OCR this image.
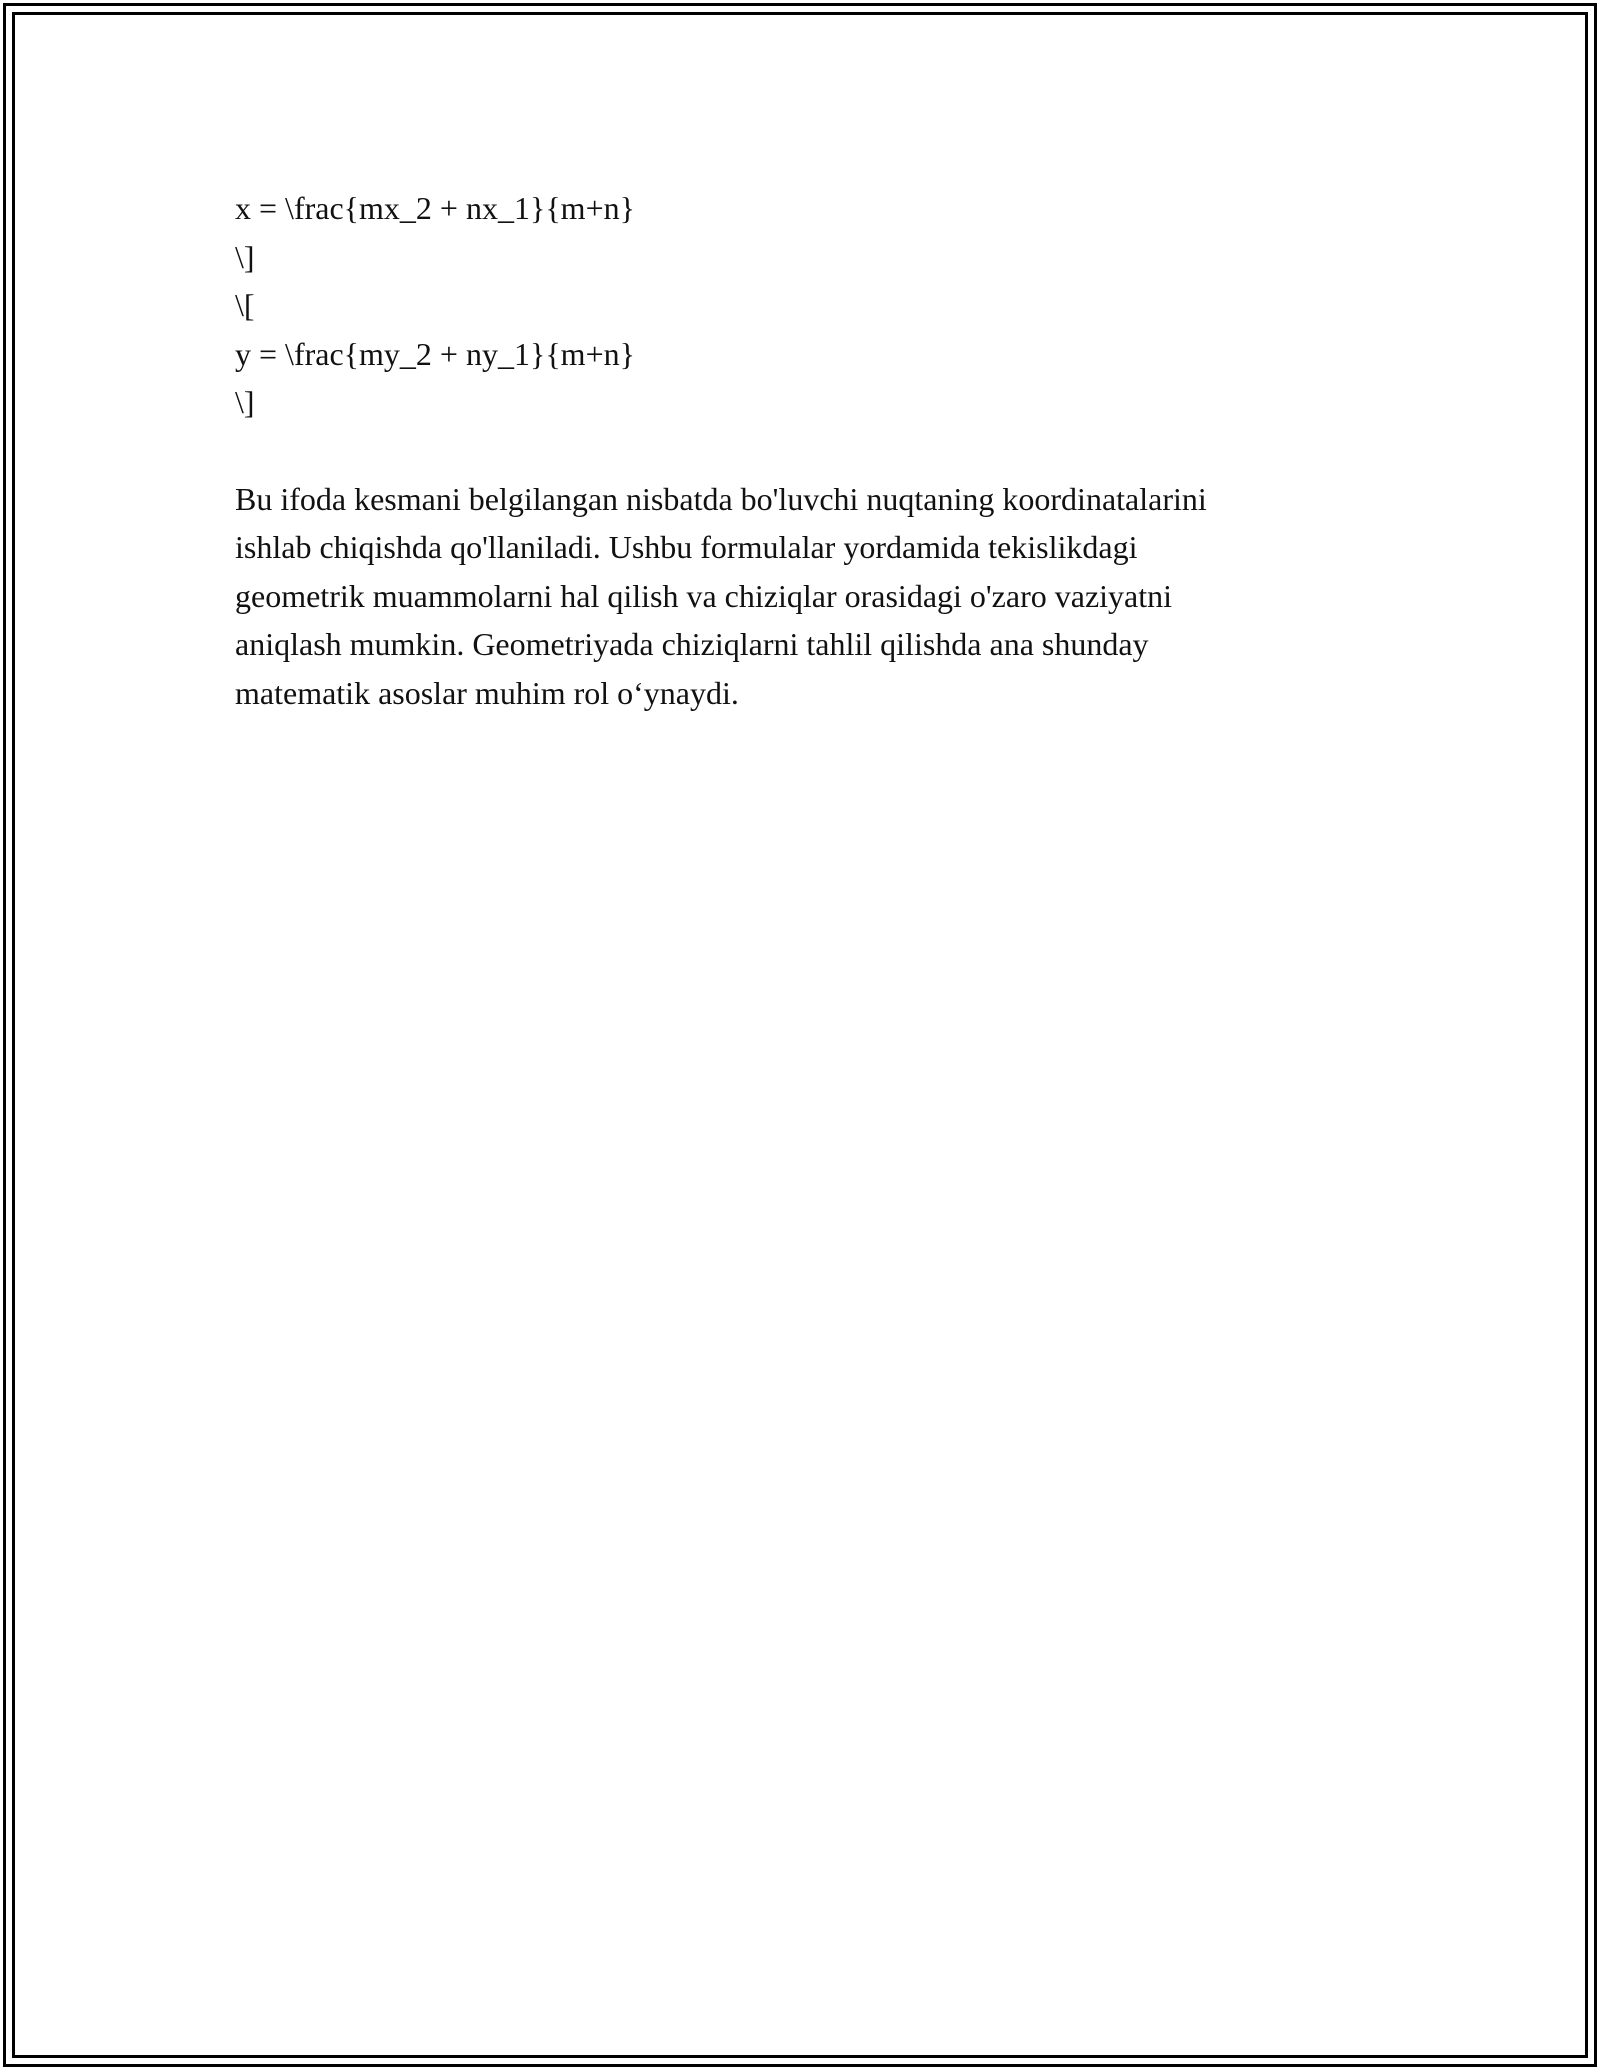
x = \frac{mx_2 + nx_1}{m+n}
\]
\[
y = \frac{my_2 + ny_1}{m+n}
\]
Bu ifoda kesmani belgilangan nisbatda bo'luvchi nuqtaning koordinatalarini
ishlab chiqishda qo'llaniladi. Ushbu formulalar yordamida tekislikdagi
geometrik muammolarni hal qilish va chiziqlar orasidagi o'zaro vaziyatni
aniqlash mumkin. Geometriyada chiziqlarni tahlil qilishda ana shunday
matematik asoslar muhim rol o‘ynaydi.
